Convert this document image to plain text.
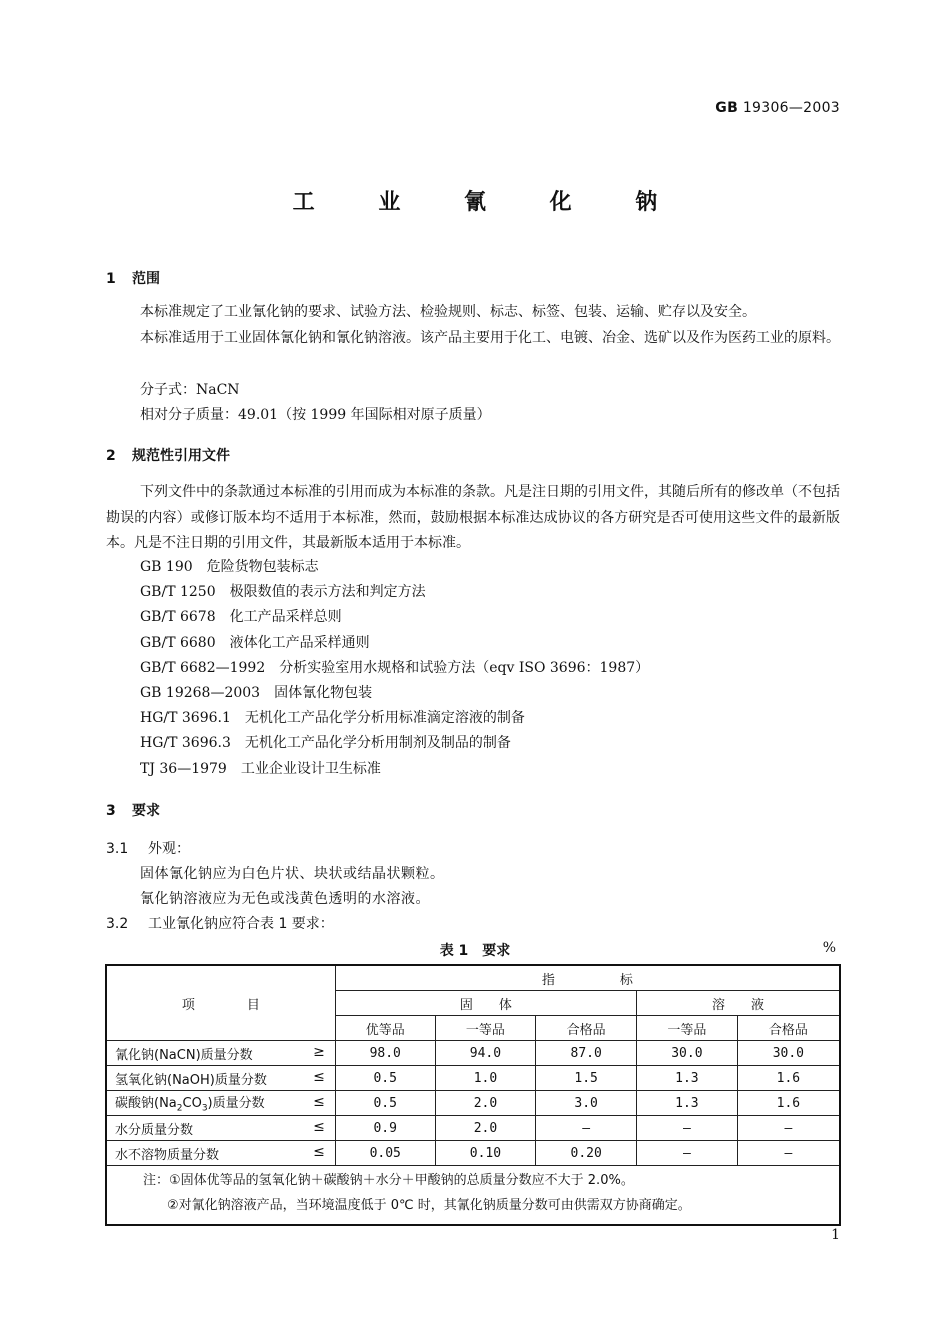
GB 19306—2003
工 业 氰 化 钠
1 范围

本标准规定了工业氰化钠的要求、试验方法、检验规则、标志、标签、包装、运输、贮存以及安全。

本标准适用于工业固体氰化钠和氰化钠溶液。该产品主要用于化工、电镀、冶金、选矿以及作为医药工业的原料。

分子式：NaCN
相对分子质量：49.01（按 1999 年国际相对原子质量）
2 规范性引用文件

下列文件中的条款通过本标准的引用而成为本标准的条款。凡是注日期的引用文件，其随后所有的修改单（不包括勘误的内容）或修订版本均不适用于本标准，然而，鼓励根据本标准达成协议的各方研究是否可使用这些文件的最新版本。凡是不注日期的引用文件，其最新版本适用于本标准。

GB 190　 危险货物包装标志
GB/T 1250　 极限数值的表示方法和判定方法
GB/T 6678　 化工产品采样总则
GB/T 6680　 液体化工产品采样通则
GB/T 6682—1992　 分析实验室用水规格和试验方法（eqv ISO 3696：1987）
GB 19268—2003　 固体氰化物包装
HG/T 3696.1　 无机化工产品化学分析用标准滴定溶液的制备
HG/T 3696.3　 无机化工产品化学分析用制剂及制品的制备
TJ 36—1979　 工业企业设计卫生标准
3 要求
3.1 外观：
固体氰化钠应为白色片状、块状或结晶状颗粒。
氰化钠溶液应为无色或浅黄色透明的水溶液。
3.2 工业氰化钠应符合表 1 要求：
表 1　要求	%
项　　　　目	指　　　　　标				
	固　　体			溶　　液	
	优等品	一等品	合格品	一等品	合格品
氰化钠(NaCN)质量分数 ≥	98.0	94.0	87.0	30.0	30.0
氢氧化钠(NaOH)质量分数 ≤	0.5	1.0	1.5	1.3	1.6
碳酸钠$(Na_2CO_3)$质量分数 ≤	0.5	2.0	3.0	1.3	1.6
水分质量分数 ≤	0.9	2.0	—	—	—
水不溶物质量分数 ≤	0.05	0.10	0.20	—	—

注：①固体优等品的氢氧化钠＋碳酸钠＋水分＋甲酸钠的总质量分数应不大于 2.0%。
②对氰化钠溶液产品，当环境温度低于 0℃ 时，其氰化钠质量分数可由供需双方协商确定。					
1
